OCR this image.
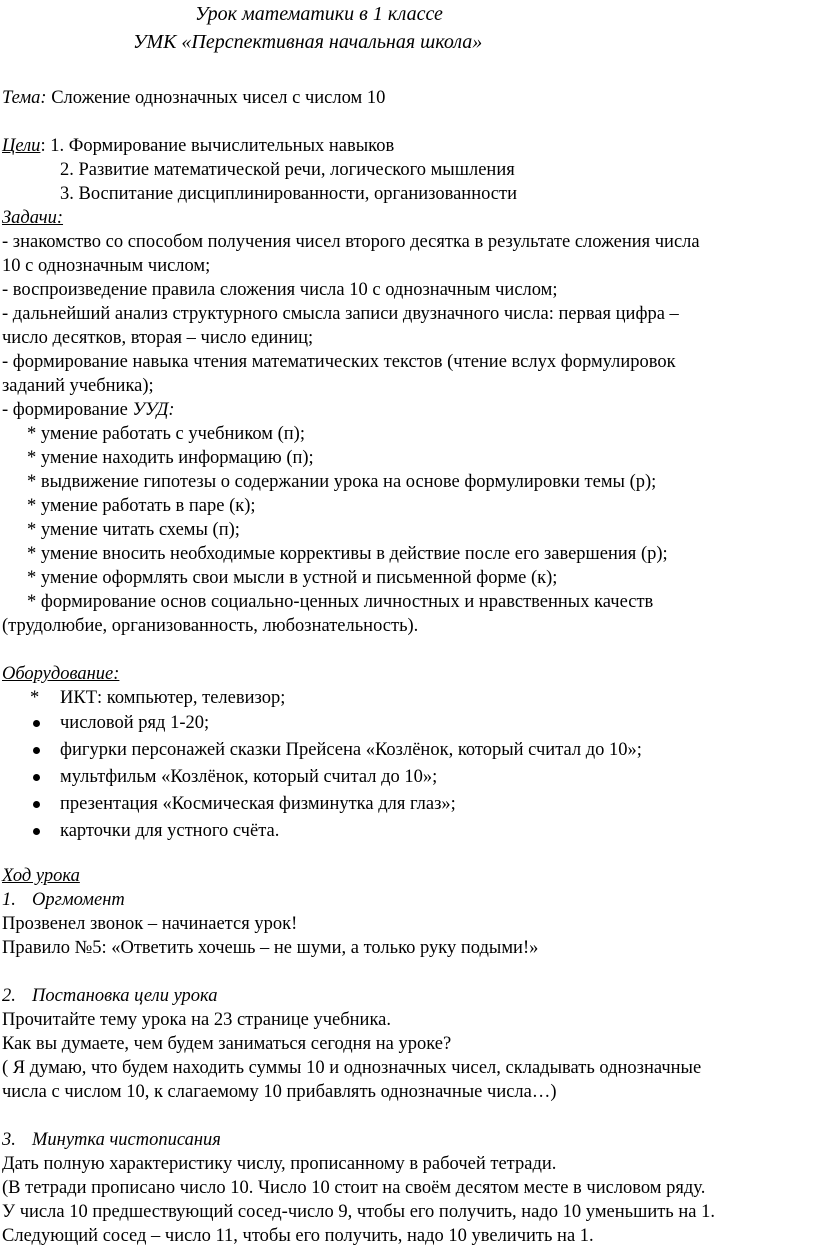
Урок математики в 1 классе
УМК «Перспективная начальная школа»
Тема: Сложение однозначных чисел с числом 10
Цели: 1. Формирование вычислительных навыков
2. Развитие математической речи, логического мышления
3. Воспитание дисциплинированности, организованности
Задачи:
- знакомство со способом получения чисел второго десятка в результате сложения числа
10 с однозначным числом;
- воспроизведение правила сложения числа 10 с однозначным числом;
- дальнейший анализ структурного смысла записи двузначного числа: первая цифра –
число десятков, вторая – число единиц;
- формирование навыка чтения математических текстов (чтение вслух формулировок
заданий учебника);
- формирование УУД:
* умение работать с учебником (п);
* умение находить информацию (п);
* выдвижение гипотезы о содержании урока на основе формулировки темы (р);
* умение работать в паре (к);
* умение читать схемы (п);
* умение вносить необходимые коррективы в действие после его завершения (р);
* умение оформлять свои мысли в устной и письменной форме (к);
* формирование основ социально-ценных личностных и нравственных качеств
(трудолюбие, организованность, любознательность).
Оборудование:
* ИКТ: компьютер, телевизор;
числовой ряд 1-20;
фигурки персонажей сказки Прейсена «Козлёнок, который считал до 10»;
мультфильм «Козлёнок, который считал до 10»;
презентация «Космическая физминутка для глаз»;
карточки для устного счёта.
Ход урока
1. Оргмомент
Прозвенел звонок – начинается урок!
Правило №5: «Ответить хочешь – не шуми, а только руку подыми!»
2. Постановка цели урока
Прочитайте тему урока на 23 странице учебника.
Как вы думаете, чем будем заниматься сегодня на уроке?
( Я думаю, что будем находить суммы 10 и однозначных чисел, складывать однозначные
числа с числом 10, к слагаемому 10 прибавлять однозначные числа…)
3. Минутка чистописания
Дать полную характеристику числу, прописанному в рабочей тетради.
(В тетради прописано число 10. Число 10 стоит на своём десятом месте в числовом ряду.
У числа 10 предшествующий сосед-число 9, чтобы его получить, надо 10 уменьшить на 1.
Следующий сосед – число 11, чтобы его получить, надо 10 увеличить на 1.
